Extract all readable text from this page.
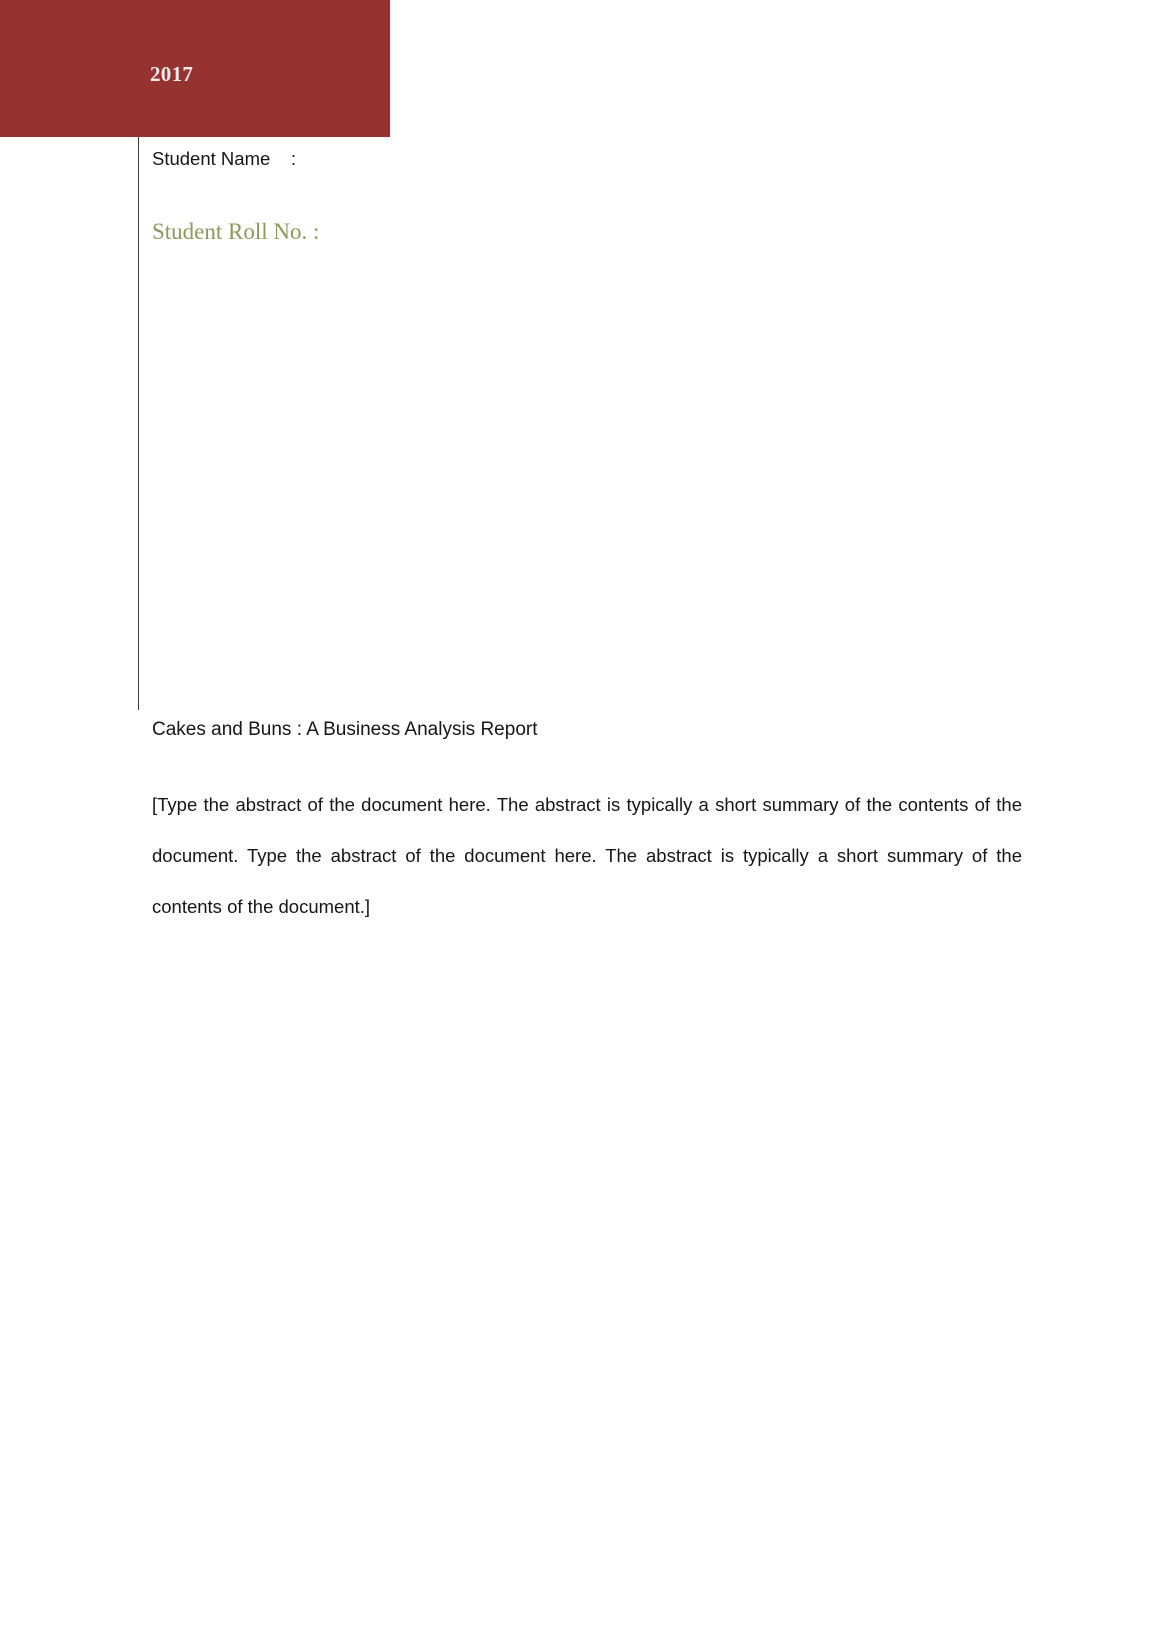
2017

Student Name    :

Student Roll No. :

Cakes and Buns : A Business Analysis Report
[Type the abstract of the document here. The abstract is typically a short summary of the contents of the document. Type the abstract of the document here. The abstract is typically a short summary of the contents of the document.]
